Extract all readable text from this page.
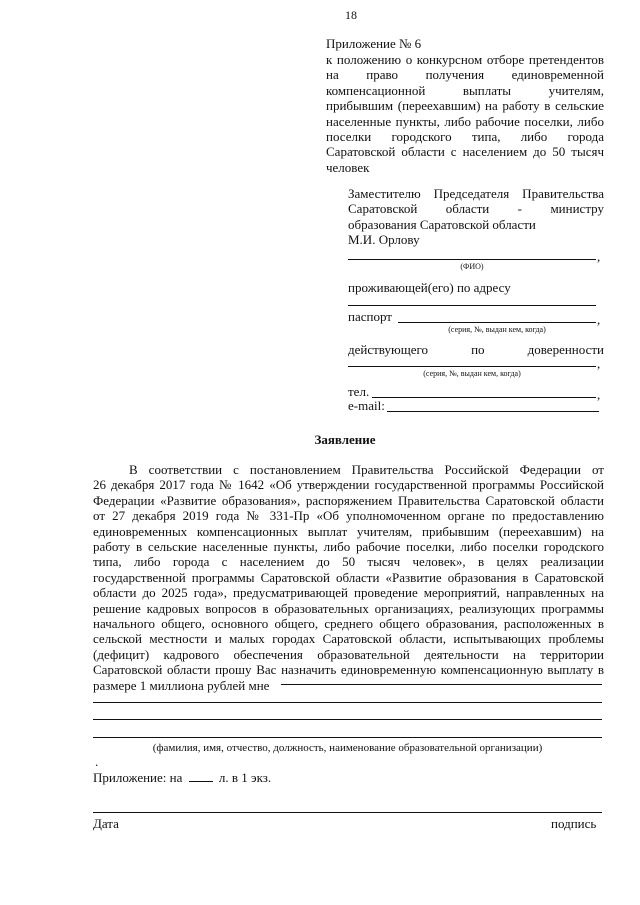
18
Приложение № 6
к положению о конкурсном отборе претендентов
на право получения единовременной
компенсационной выплаты учителям,
прибывшим (переехавшим) на работу в сельские
населенные пункты, либо рабочие поселки, либо
поселки городского типа, либо города
Саратовской области с населением до 50 тысяч
человек
Заместителю Председателя Правительства
Саратовской области - министру
образования Саратовской области
М.И. Орлову
,
(ФИО)
проживающей(его) по адресу
паспорт	,
(серия, №, выдан кем, когда)
действующего по доверенности
,
(серия, №, выдан кем, когда)
тел.	,
e-mail:
Заявление
В соответствии с постановлением Правительства Российской Федерации от
26 декабря 2017 года № 1642 «Об утверждении государственной программы Российской
Федерации «Развитие образования», распоряжением Правительства Саратовской области
от 27 декабря 2019 года № 331-Пр «Об уполномоченном органе по предоставлению
единовременных компенсационных выплат учителям, прибывшим (переехавшим) на
работу в сельские населенные пункты, либо рабочие поселки, либо поселки городского
типа, либо города с населением до 50 тысяч человек», в целях реализации
государственной программы Саратовской области «Развитие образования в Саратовской
области до 2025 года», предусматривающей проведение мероприятий, направленных на
решение кадровых вопросов в образовательных организациях, реализующих программы
начального общего, основного общего, среднего общего образования, расположенных в
сельской местности и малых городах Саратовской области, испытывающих проблемы
(дефицит) кадрового обеспечения образовательной деятельности на территории
Саратовской области прошу Вас назначить единовременную компенсационную выплату в
размере 1 миллиона рублей мне
(фамилия, имя, отчество, должность, наименование образовательной организации)
.
Приложение: на	л. в 1 экз.
Дата	подпись
